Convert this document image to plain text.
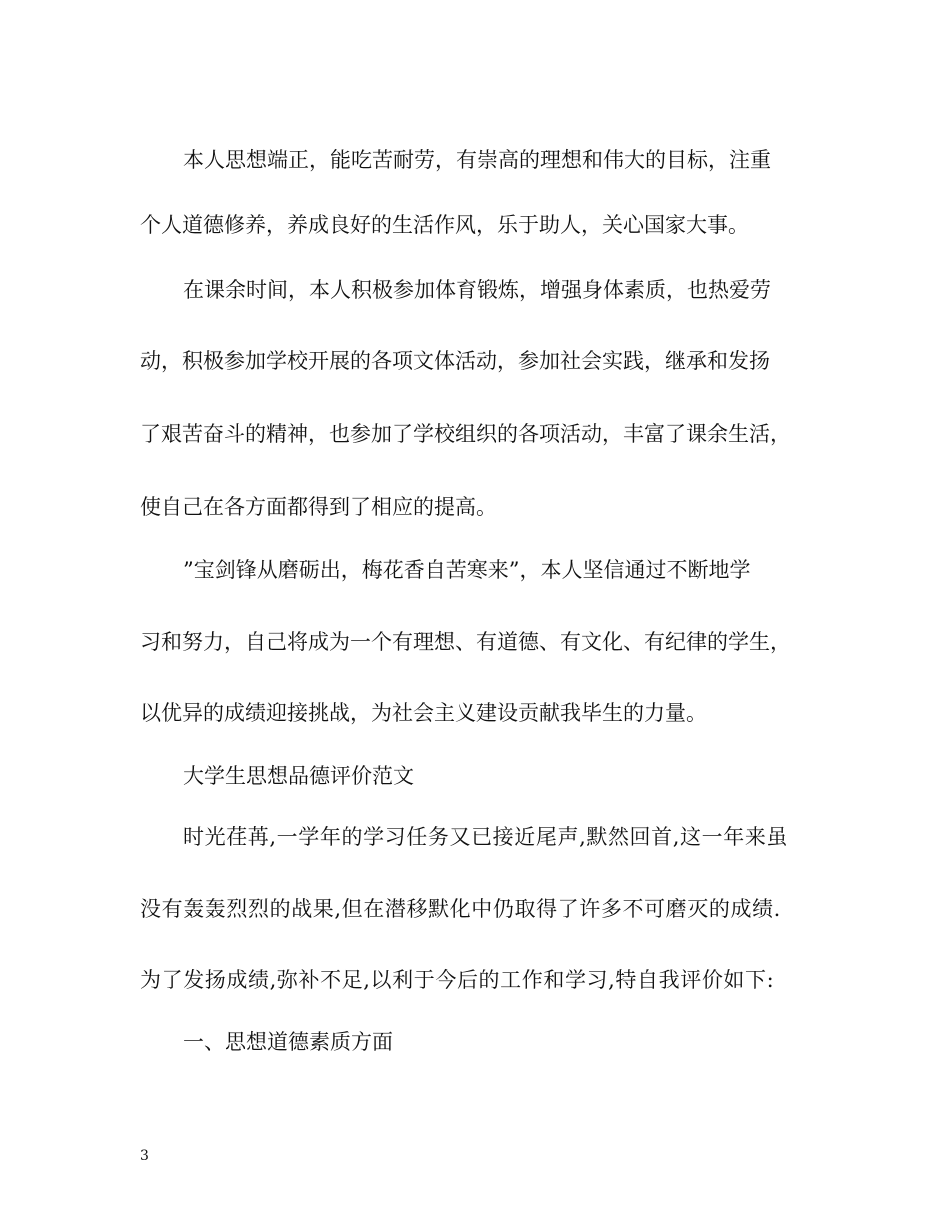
本人思想端正，能吃苦耐劳，有崇高的理想和伟大的目标，注重
个人道德修养，养成良好的生活作风，乐于助人，关心国家大事。
在课余时间，本人积极参加体育锻炼，增强身体素质，也热爱劳
动，积极参加学校开展的各项文体活动，参加社会实践，继承和发扬
了艰苦奋斗的精神，也参加了学校组织的各项活动，丰富了课余生活，
使自己在各方面都得到了相应的提高。
”宝剑锋从磨砺出，梅花香自苦寒来”，本人坚信通过不断地学
习和努力，自己将成为一个有理想、有道德、有文化、有纪律的学生，
以优异的成绩迎接挑战，为社会主义建设贡献我毕生的力量。
大学生思想品德评价范文
时光荏苒,一学年的学习任务又已接近尾声,默然回首,这一年来虽
没有轰轰烈烈的战果,但在潜移默化中仍取得了许多不可磨灭的成绩.
为了发扬成绩,弥补不足,以利于今后的工作和学习,特自我评价如下:
一、思想道德素质方面
3
